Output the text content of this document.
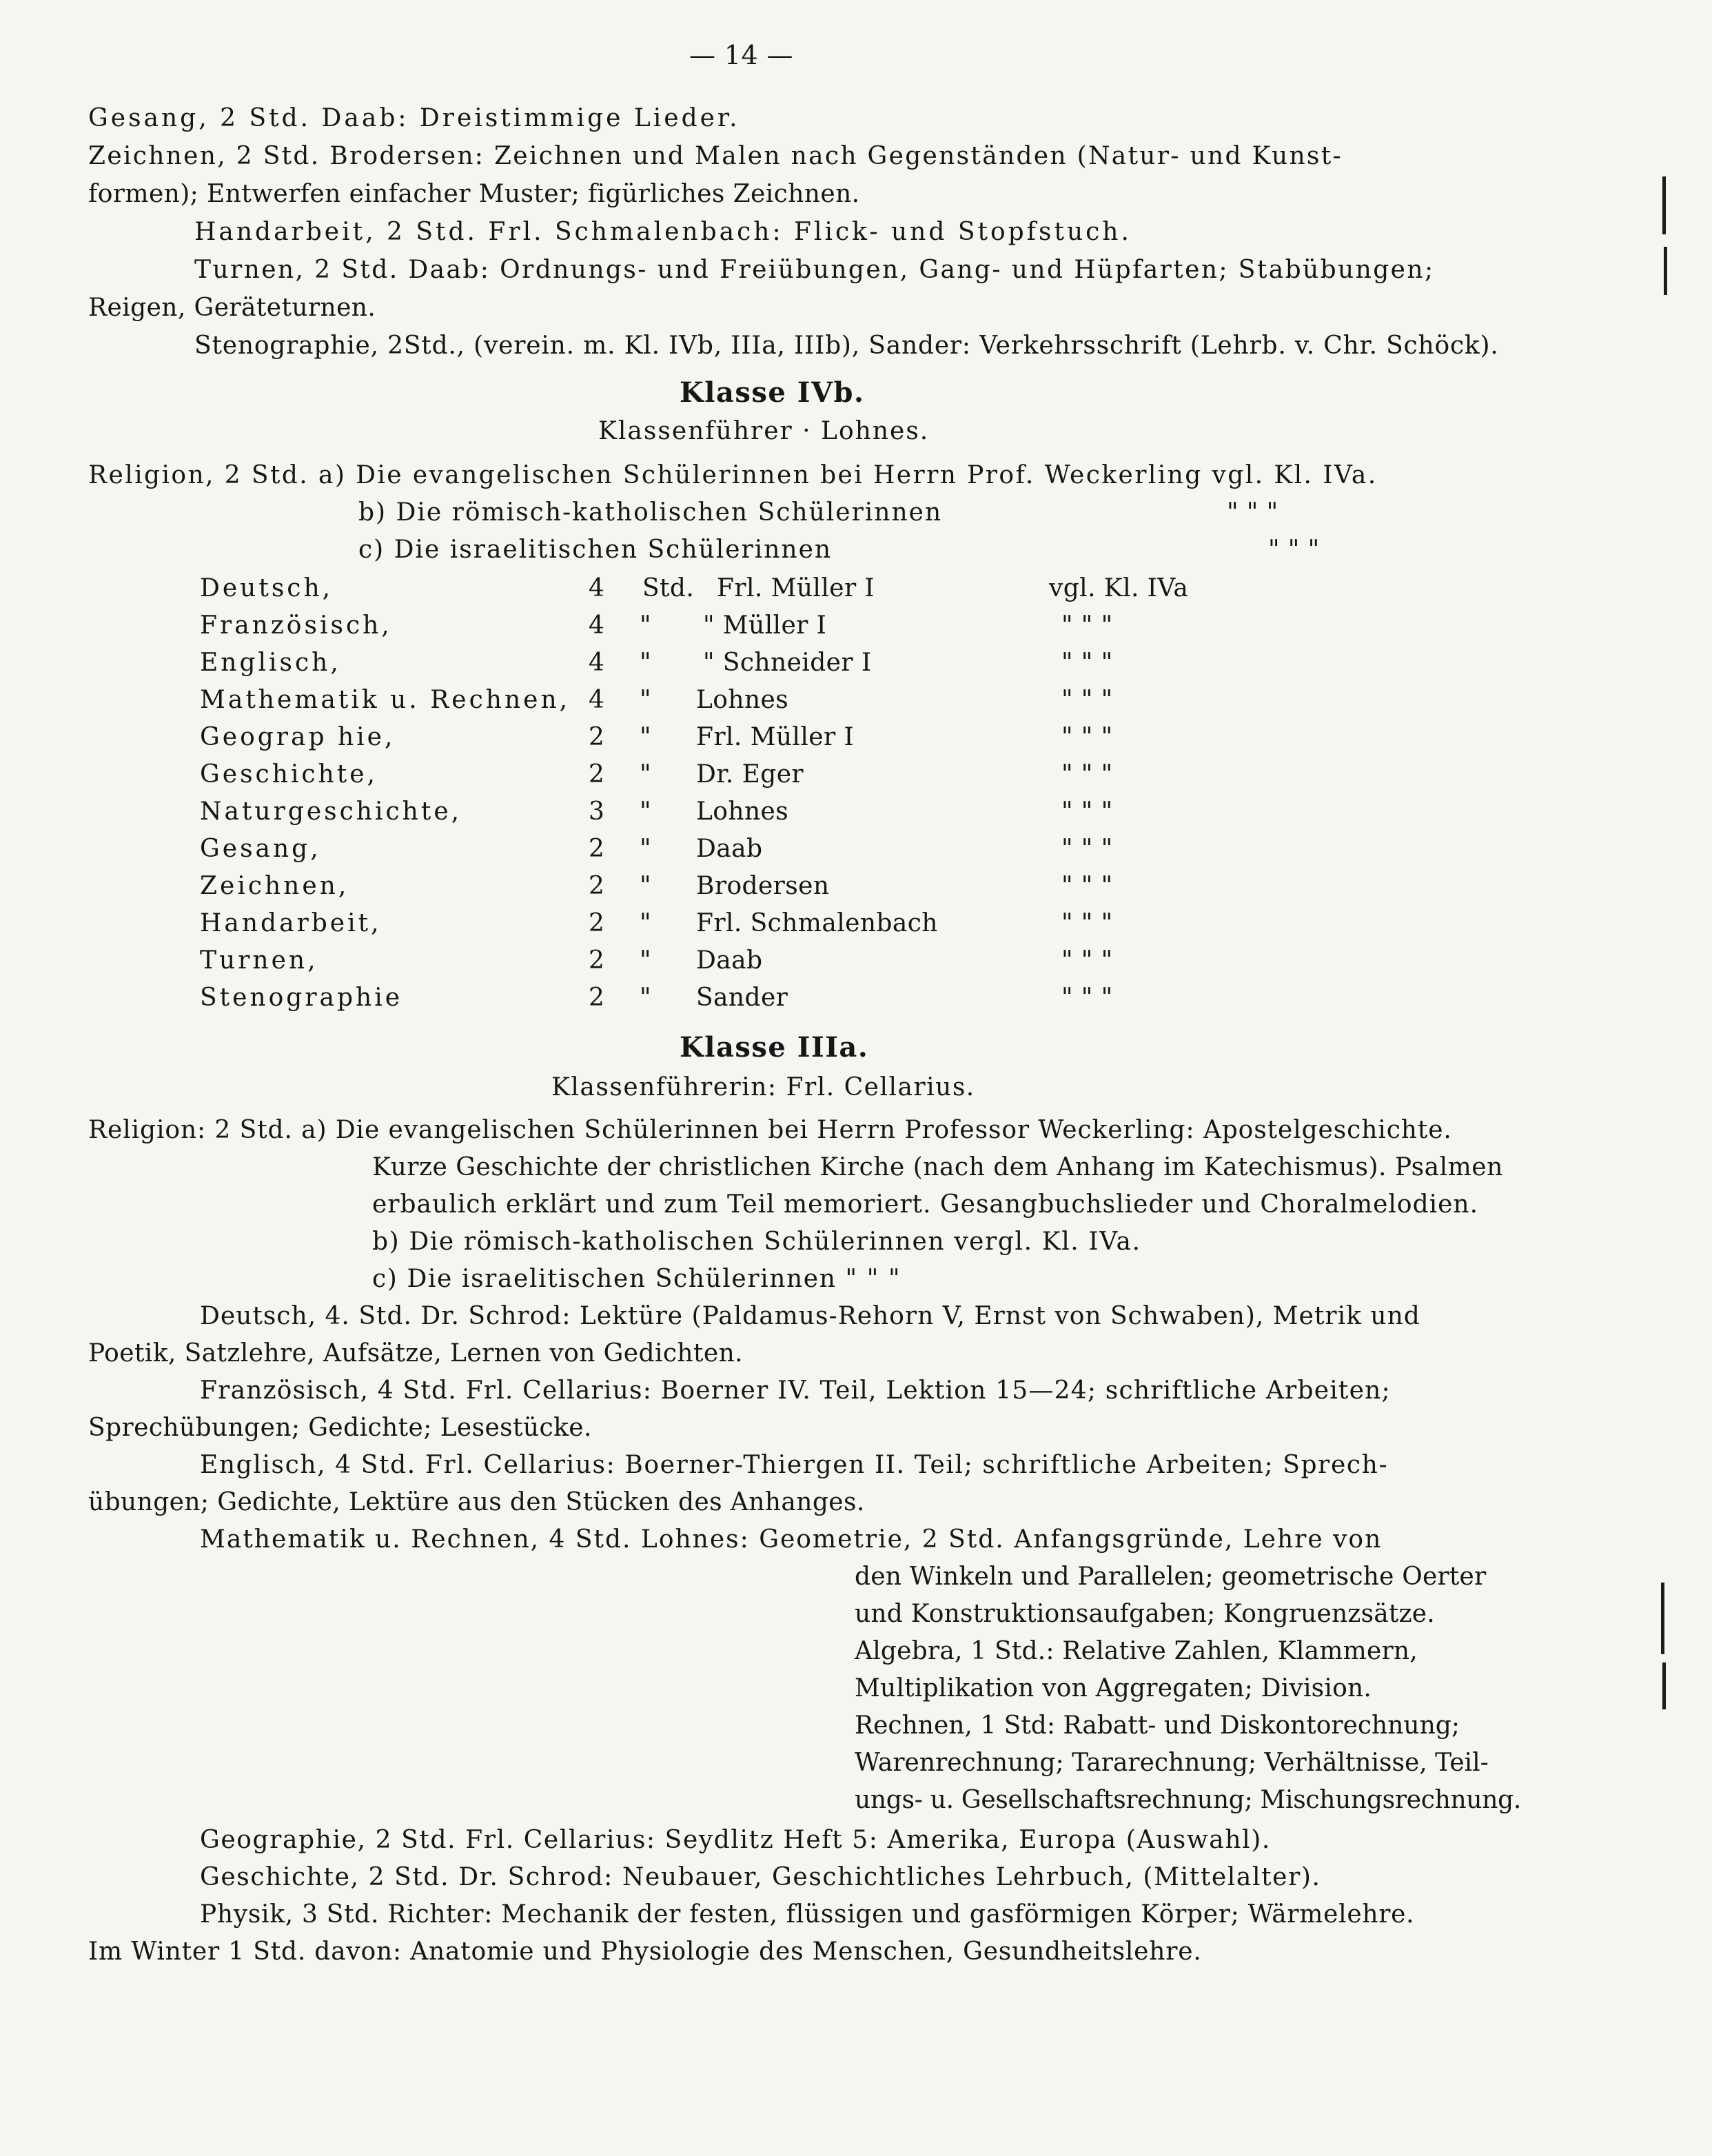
— 14 —
Gesang, 2 Std. Daab: Dreistimmige Lieder.
Zeichnen, 2 Std. Brodersen: Zeichnen und Malen nach Gegenständen (Natur- und Kunst-
formen); Entwerfen einfacher Muster; figürliches Zeichnen.
Handarbeit, 2 Std. Frl. Schmalenbach: Flick- und Stopfstuch.
Turnen, 2 Std. Daab: Ordnungs- und Freiübungen, Gang- und Hüpfarten; Stabübungen;
Reigen, Geräteturnen.
Stenographie, 2Std., (verein. m. Kl. IVb, IIIa, IIIb), Sander: Verkehrsschrift (Lehrb. v. Chr. Schöck).
Klasse IVb.
Klassenführer · Lohnes.
Religion, 2 Std. a) Die evangelischen Schülerinnen bei Herrn Prof. Weckerling vgl. Kl. IVa.
b) Die römisch-katholischen Schülerinnen	" " "
c) Die israelitischen Schülerinnen	" " "
Deutsch,	4 Std. Frl. Müller I	vgl. Kl. IVa
Französisch,	4 " " Müller I	" " "
Englisch,	4 " " Schneider I	" " "
Mathematik u. Rechnen, 4 " Lohnes	" " "
Geograp hie,	2 " Frl. Müller I	" " "
Geschichte,	2 " Dr. Eger	" " "
Naturgeschichte,	3 " Lohnes	" " "
Gesang,	2 " Daab	" " "
Zeichnen,	2 " Brodersen	" " "
Handarbeit,	2 " Frl. Schmalenbach	" " "
Turnen,	2 " Daab	" " "
Stenographie	2 " Sander	" " "
Klasse IIIa.
Klassenführerin: Frl. Cellarius.
Religion: 2 Std. a) Die evangelischen Schülerinnen bei Herrn Professor Weckerling: Apostelgeschichte.
Kurze Geschichte der christlichen Kirche (nach dem Anhang im Katechismus). Psalmen
erbaulich erklärt und zum Teil memoriert. Gesangbuchslieder und Choralmelodien.
b) Die römisch-katholischen Schülerinnen vergl. Kl. IVa.
c) Die israelitischen Schülerinnen " " "
Deutsch, 4. Std. Dr. Schrod: Lektüre (Paldamus-Rehorn V, Ernst von Schwaben), Metrik und
Poetik, Satzlehre, Aufsätze, Lernen von Gedichten.
Französisch, 4 Std. Frl. Cellarius: Boerner IV. Teil, Lektion 15—24; schriftliche Arbeiten;
Sprechübungen; Gedichte; Lesestücke.
Englisch, 4 Std. Frl. Cellarius: Boerner-Thiergen II. Teil; schriftliche Arbeiten; Sprech-
übungen; Gedichte, Lektüre aus den Stücken des Anhanges.
Mathematik u. Rechnen, 4 Std. Lohnes: Geometrie, 2 Std. Anfangsgründe, Lehre von
den Winkeln und Parallelen; geometrische Oerter
und Konstruktionsaufgaben; Kongruenzsätze.
Algebra, 1 Std.: Relative Zahlen, Klammern,
Multiplikation von Aggregaten; Division.
Rechnen, 1 Std: Rabatt- und Diskontorechnung;
Warenrechnung; Tararechnung; Verhältnisse, Teil-
ungs- u. Gesellschaftsrechnung; Mischungsrechnung.
Geographie, 2 Std. Frl. Cellarius: Seydlitz Heft 5: Amerika, Europa (Auswahl).
Geschichte, 2 Std. Dr. Schrod: Neubauer, Geschichtliches Lehrbuch, (Mittelalter).
Physik, 3 Std. Richter: Mechanik der festen, flüssigen und gasförmigen Körper; Wärmelehre.
Im Winter 1 Std. davon: Anatomie und Physiologie des Menschen, Gesundheitslehre.
